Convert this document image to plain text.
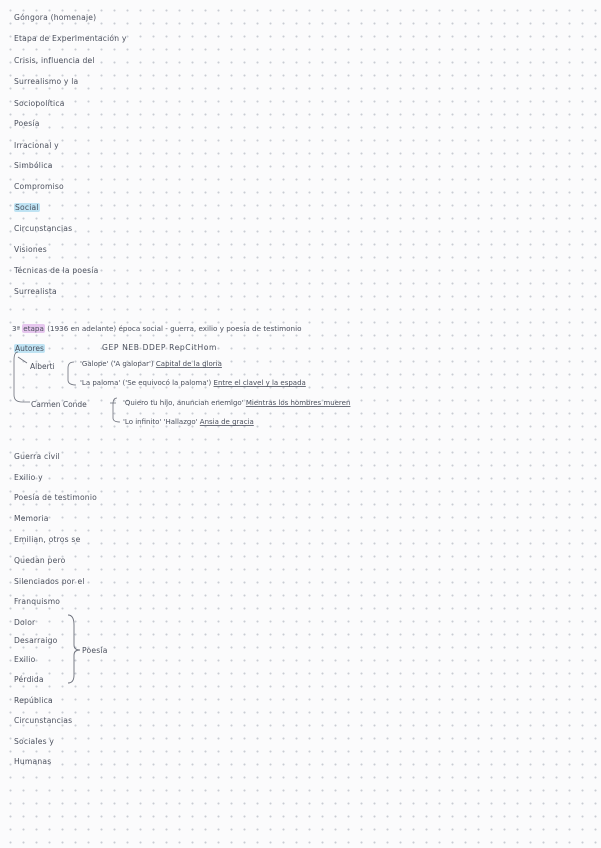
Góngora (homenaje)
Etapa de Experimentación y
Crisis, influencia del
Surrealismo y la
Sociopolítica
Poesía
Irracional y
Simbólica
Compromiso
Social
Circunstancias
Visiones
Técnicas de la poesía
Surrealista
3ª etapa (1936 en adelante) época social - guerra, exilio y poesía de testimonio
Autores	GEP NEB DDEP RepCitHom
Alberti	'Galope' ('A galopar') Capital de la gloria
'La paloma' ('Se equivocó la paloma') Entre el clavel y la espada
Carmen Conde	'Quiero tu hijo, anuncian enemigo' Mientras los hombres mueren
'Lo infinito' 'Hallazgo' Ansia de gracia
Guerra civil
Exilio y
Poesía de testimonio
Memoria
Emilian, otros se
Quedan pero
Silenciados por el
Franquismo
Dolor
Desarraigo
Exilio
Pérdida
República
Circunstancias
Sociales y
Humanas
Poesía
